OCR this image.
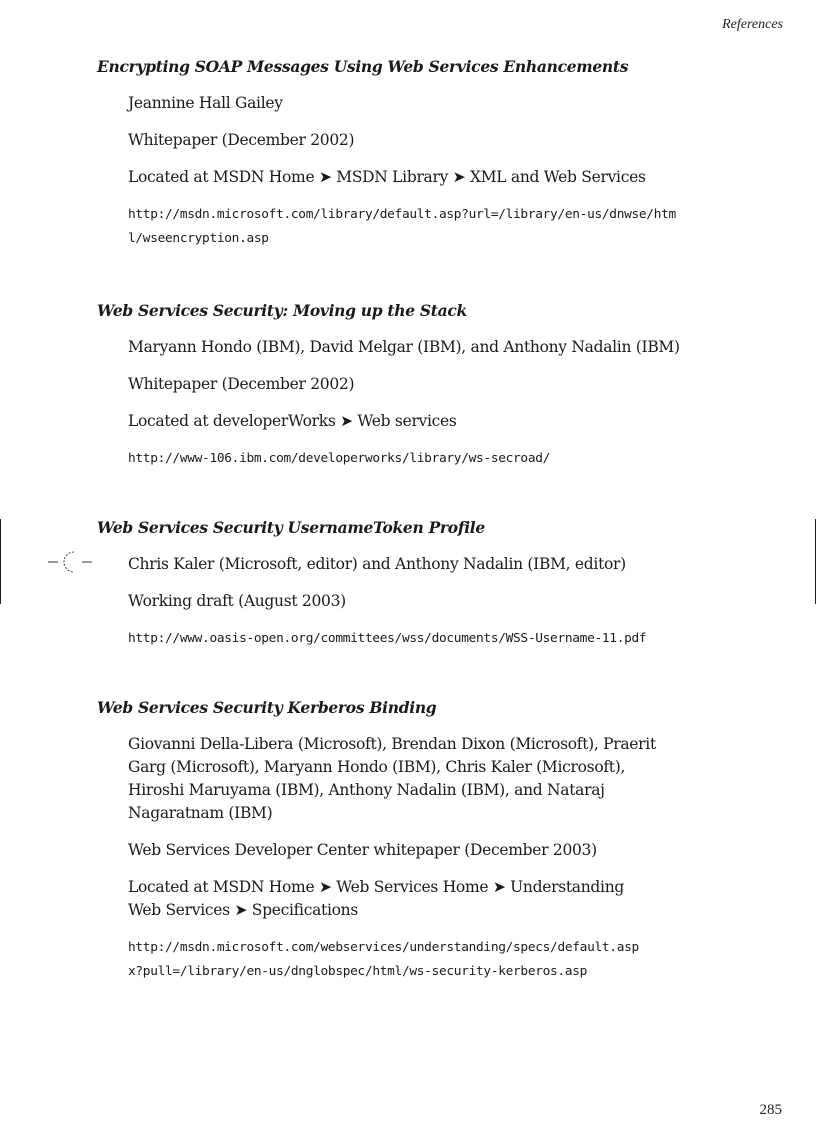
References
Encrypting SOAP Messages Using Web Services Enhancements
Jeannine Hall Gailey
Whitepaper (December 2002)
Located at MSDN Home ➤ MSDN Library ➤ XML and Web Services
http://msdn.microsoft.com/library/default.asp?url=/library/en-us/dnwse/html/wseencryption.asp
Web Services Security: Moving up the Stack
Maryann Hondo (IBM), David Melgar (IBM), and Anthony Nadalin (IBM)
Whitepaper (December 2002)
Located at developerWorks ➤ Web services
http://www-106.ibm.com/developerworks/library/ws-secroad/
Web Services Security UsernameToken Profile
Chris Kaler (Microsoft, editor) and Anthony Nadalin (IBM, editor)
Working draft (August 2003)
http://www.oasis-open.org/committees/wss/documents/WSS-Username-11.pdf
Web Services Security Kerberos Binding
Giovanni Della-Libera (Microsoft), Brendan Dixon (Microsoft), Praerit Garg (Microsoft), Maryann Hondo (IBM), Chris Kaler (Microsoft), Hiroshi Maruyama (IBM), Anthony Nadalin (IBM), and Nataraj Nagaratnam (IBM)
Web Services Developer Center whitepaper (December 2003)
Located at MSDN Home ➤ Web Services Home ➤ Understanding Web Services ➤ Specifications
http://msdn.microsoft.com/webservices/understanding/specs/default.aspx?pull=/library/en-us/dnglobspec/html/ws-security-kerberos.asp
285
